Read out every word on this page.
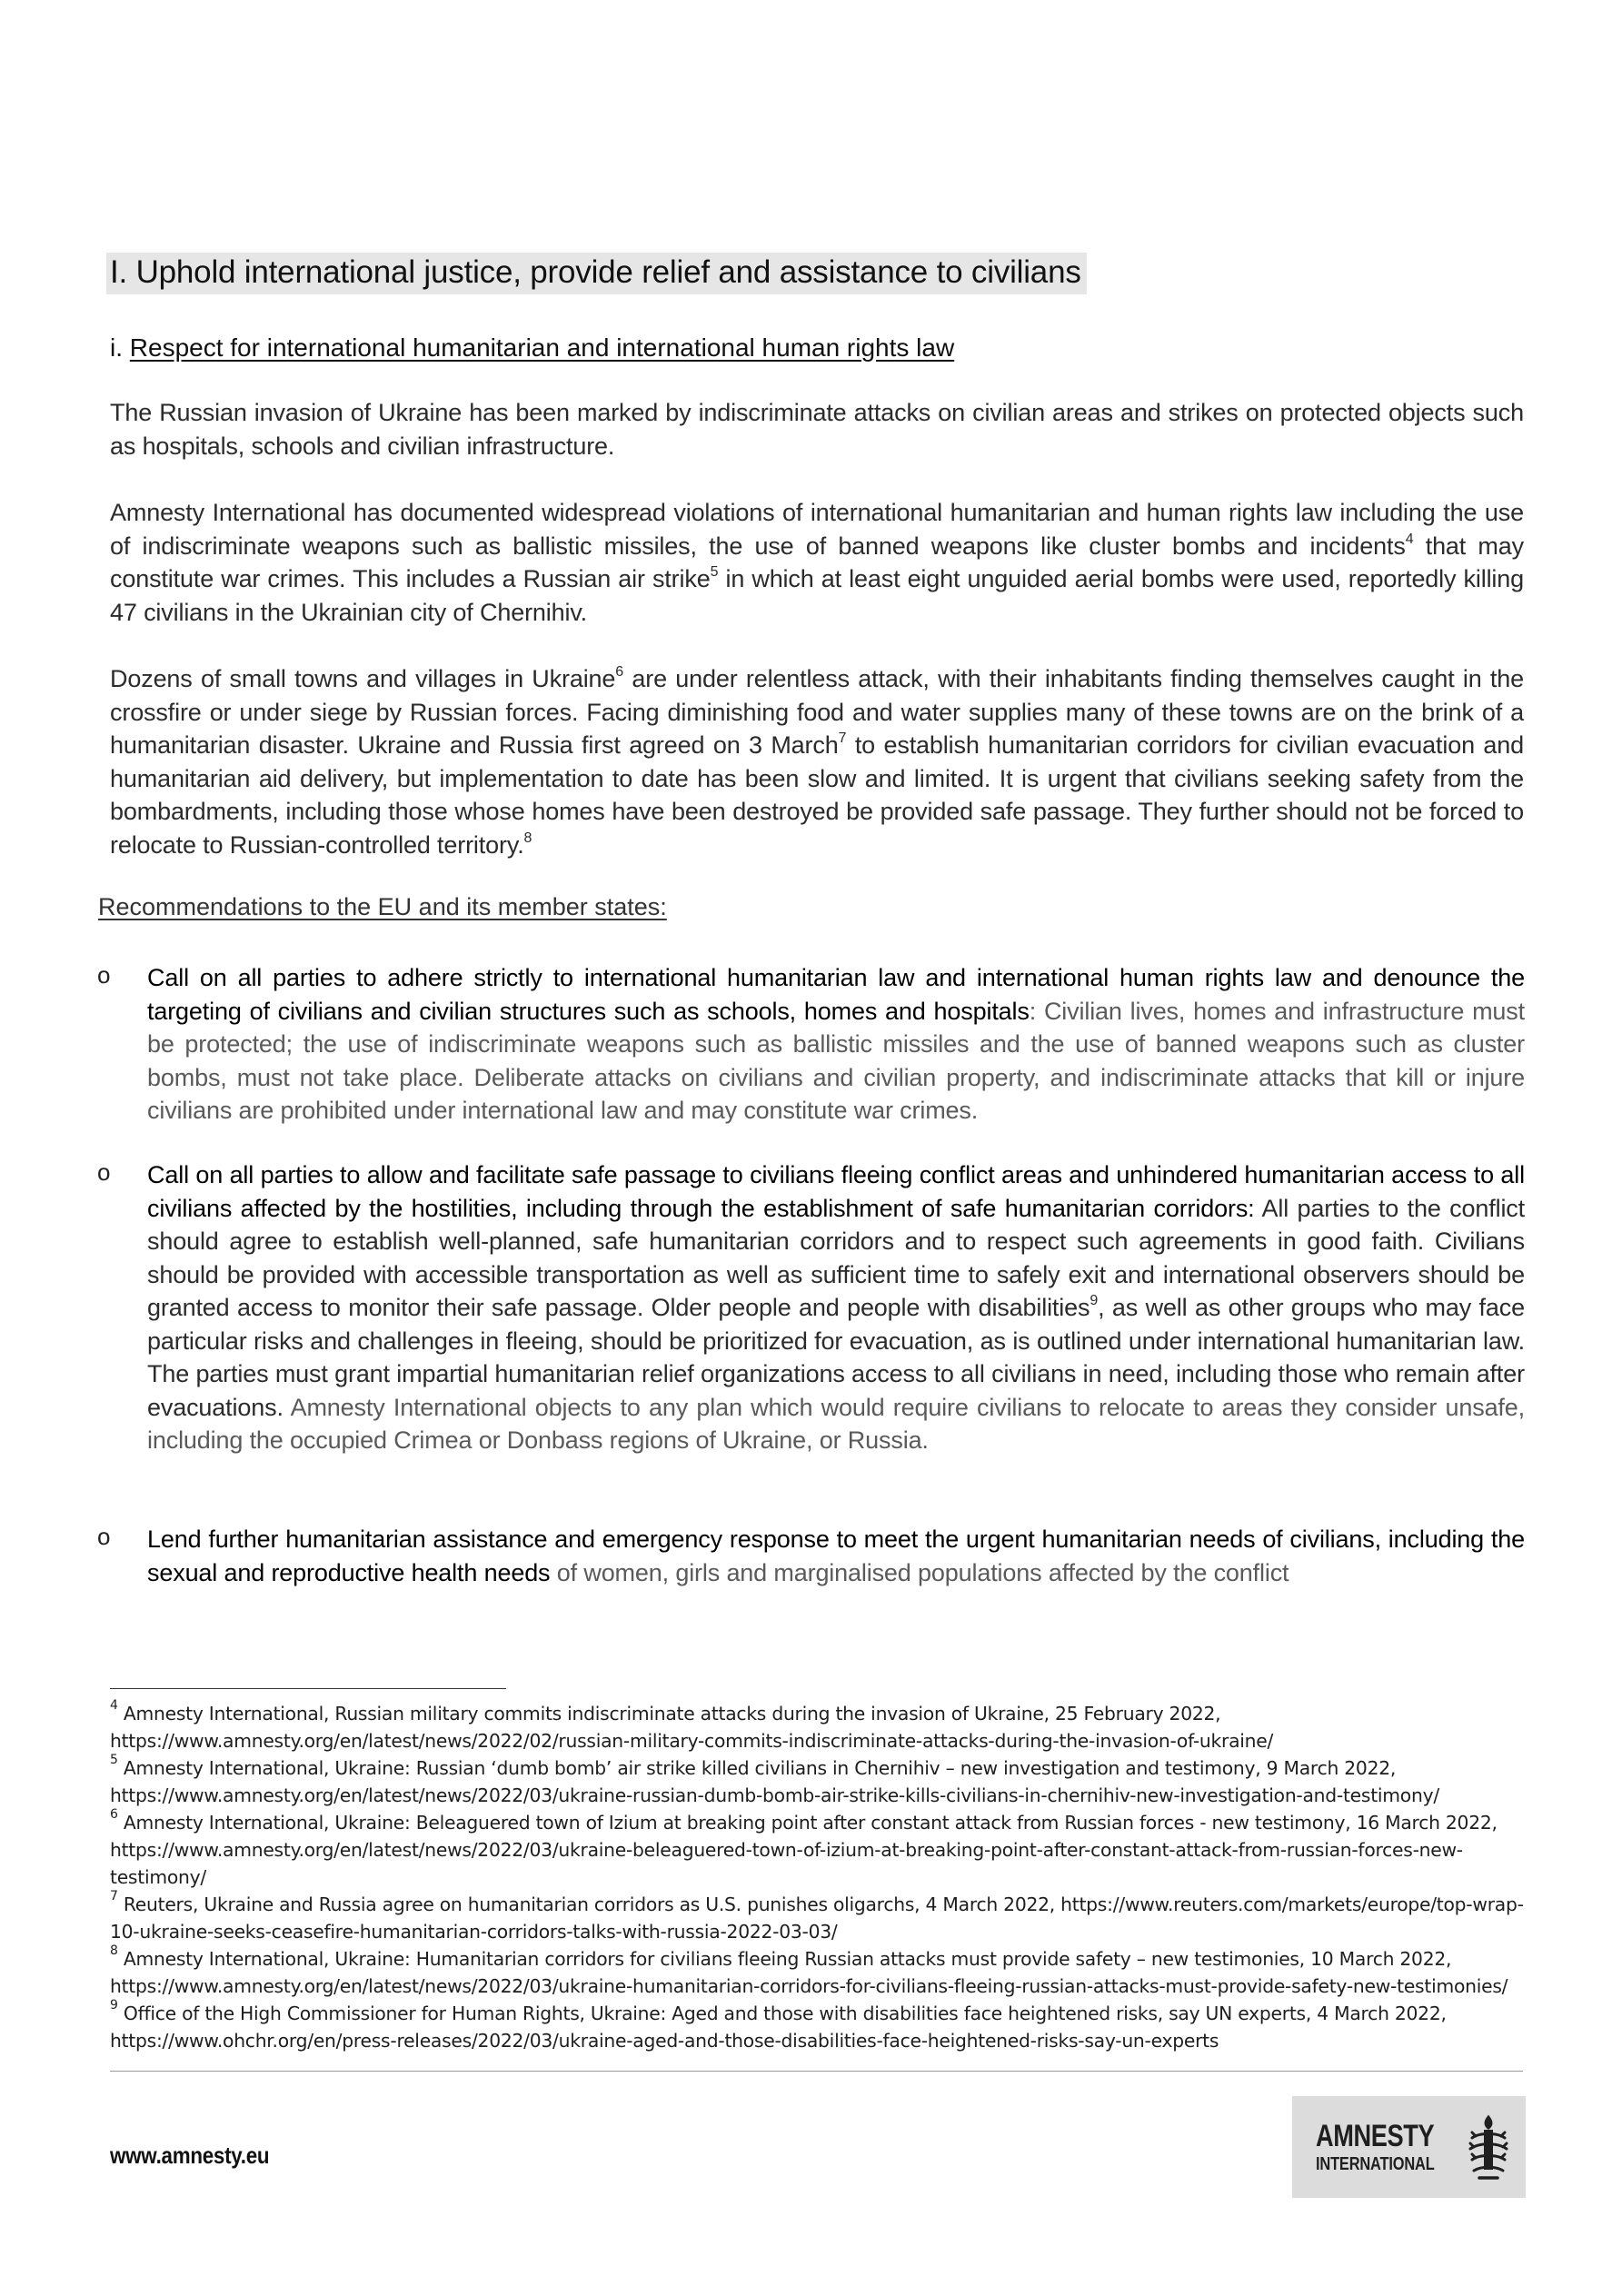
I. Uphold international justice, provide relief and assistance to civilians

i. Respect for international humanitarian and international human rights law

The Russian invasion of Ukraine has been marked by indiscriminate attacks on civilian areas and strikes on protected objects such as hospitals, schools and civilian infrastructure.

Amnesty International has documented widespread violations of international humanitarian and human rights law including the use of indiscriminate weapons such as ballistic missiles, the use of banned weapons like cluster bombs and incidents$^4$ that may constitute war crimes. This includes a Russian air strike$^5$ in which at least eight unguided aerial bombs were used, reportedly killing 47 civilians in the Ukrainian city of Chernihiv.

Dozens of small towns and villages in Ukraine$^6$ are under relentless attack, with their inhabitants finding themselves caught in the crossfire or under siege by Russian forces. Facing diminishing food and water supplies many of these towns are on the brink of a humanitarian disaster. Ukraine and Russia first agreed on 3 March$^7$ to establish humanitarian corridors for civilian evacuation and humanitarian aid delivery, but implementation to date has been slow and limited. It is urgent that civilians seeking safety from the bombardments, including those whose homes have been destroyed be provided safe passage. They further should not be forced to relocate to Russian-controlled territory.$^8$

Recommendations to the EU and its member states:

o Call on all parties to adhere strictly to international humanitarian law and international human rights law and denounce the targeting of civilians and civilian structures such as schools, homes and hospitals: Civilian lives, homes and infrastructure must be protected; the use of indiscriminate weapons such as ballistic missiles and the use of banned weapons such as cluster bombs, must not take place. Deliberate attacks on civilians and civilian property, and indiscriminate attacks that kill or injure civilians are prohibited under international law and may constitute war crimes.

o Call on all parties to allow and facilitate safe passage to civilians fleeing conflict areas and unhindered humanitarian access to all civilians affected by the hostilities, including through the establishment of safe humanitarian corridors: All parties to the conflict should agree to establish well-planned, safe humanitarian corridors and to respect such agreements in good faith. Civilians should be provided with accessible transportation as well as sufficient time to safely exit and international observers should be granted access to monitor their safe passage. Older people and people with disabilities$^9$, as well as other groups who may face particular risks and challenges in fleeing, should be prioritized for evacuation, as is outlined under international humanitarian law. The parties must grant impartial humanitarian relief organizations access to all civilians in need, including those who remain after evacuations. Amnesty International objects to any plan which would require civilians to relocate to areas they consider unsafe, including the occupied Crimea or Donbass regions of Ukraine, or Russia.

o Lend further humanitarian assistance and emergency response to meet the urgent humanitarian needs of civilians, including the sexual and reproductive health needs of women, girls and marginalised populations affected by the conflict

$^4$ Amnesty International, Russian military commits indiscriminate attacks during the invasion of Ukraine, 25 February 2022, https://www.amnesty.org/en/latest/news/2022/02/russian-military-commits-indiscriminate-attacks-during-the-invasion-of-ukraine/

$^5$ Amnesty International, Ukraine: Russian ‘dumb bomb’ air strike killed civilians in Chernihiv – new investigation and testimony, 9 March 2022, https://www.amnesty.org/en/latest/news/2022/03/ukraine-russian-dumb-bomb-air-strike-kills-civilians-in-chernihiv-new-investigation-and-testimony/

$^6$ Amnesty International, Ukraine: Beleaguered town of Izium at breaking point after constant attack from Russian forces - new testimony, 16 March 2022, https://www.amnesty.org/en/latest/news/2022/03/ukraine-beleaguered-town-of-izium-at-breaking-point-after-constant-attack-from-russian-forces-new-testimony/

$^7$ Reuters, Ukraine and Russia agree on humanitarian corridors as U.S. punishes oligarchs, 4 March 2022, https://www.reuters.com/markets/europe/top-wrap-10-ukraine-seeks-ceasefire-humanitarian-corridors-talks-with-russia-2022-03-03/

$^8$ Amnesty International, Ukraine: Humanitarian corridors for civilians fleeing Russian attacks must provide safety – new testimonies, 10 March 2022, https://www.amnesty.org/en/latest/news/2022/03/ukraine-humanitarian-corridors-for-civilians-fleeing-russian-attacks-must-provide-safety-new-testimonies/

$^9$ Office of the High Commissioner for Human Rights, Ukraine: Aged and those with disabilities face heightened risks, say UN experts, 4 March 2022, https://www.ohchr.org/en/press-releases/2022/03/ukraine-aged-and-those-disabilities-face-heightened-risks-say-un-experts

www.amnesty.eu

AMNESTY

INTERNATIONAL
